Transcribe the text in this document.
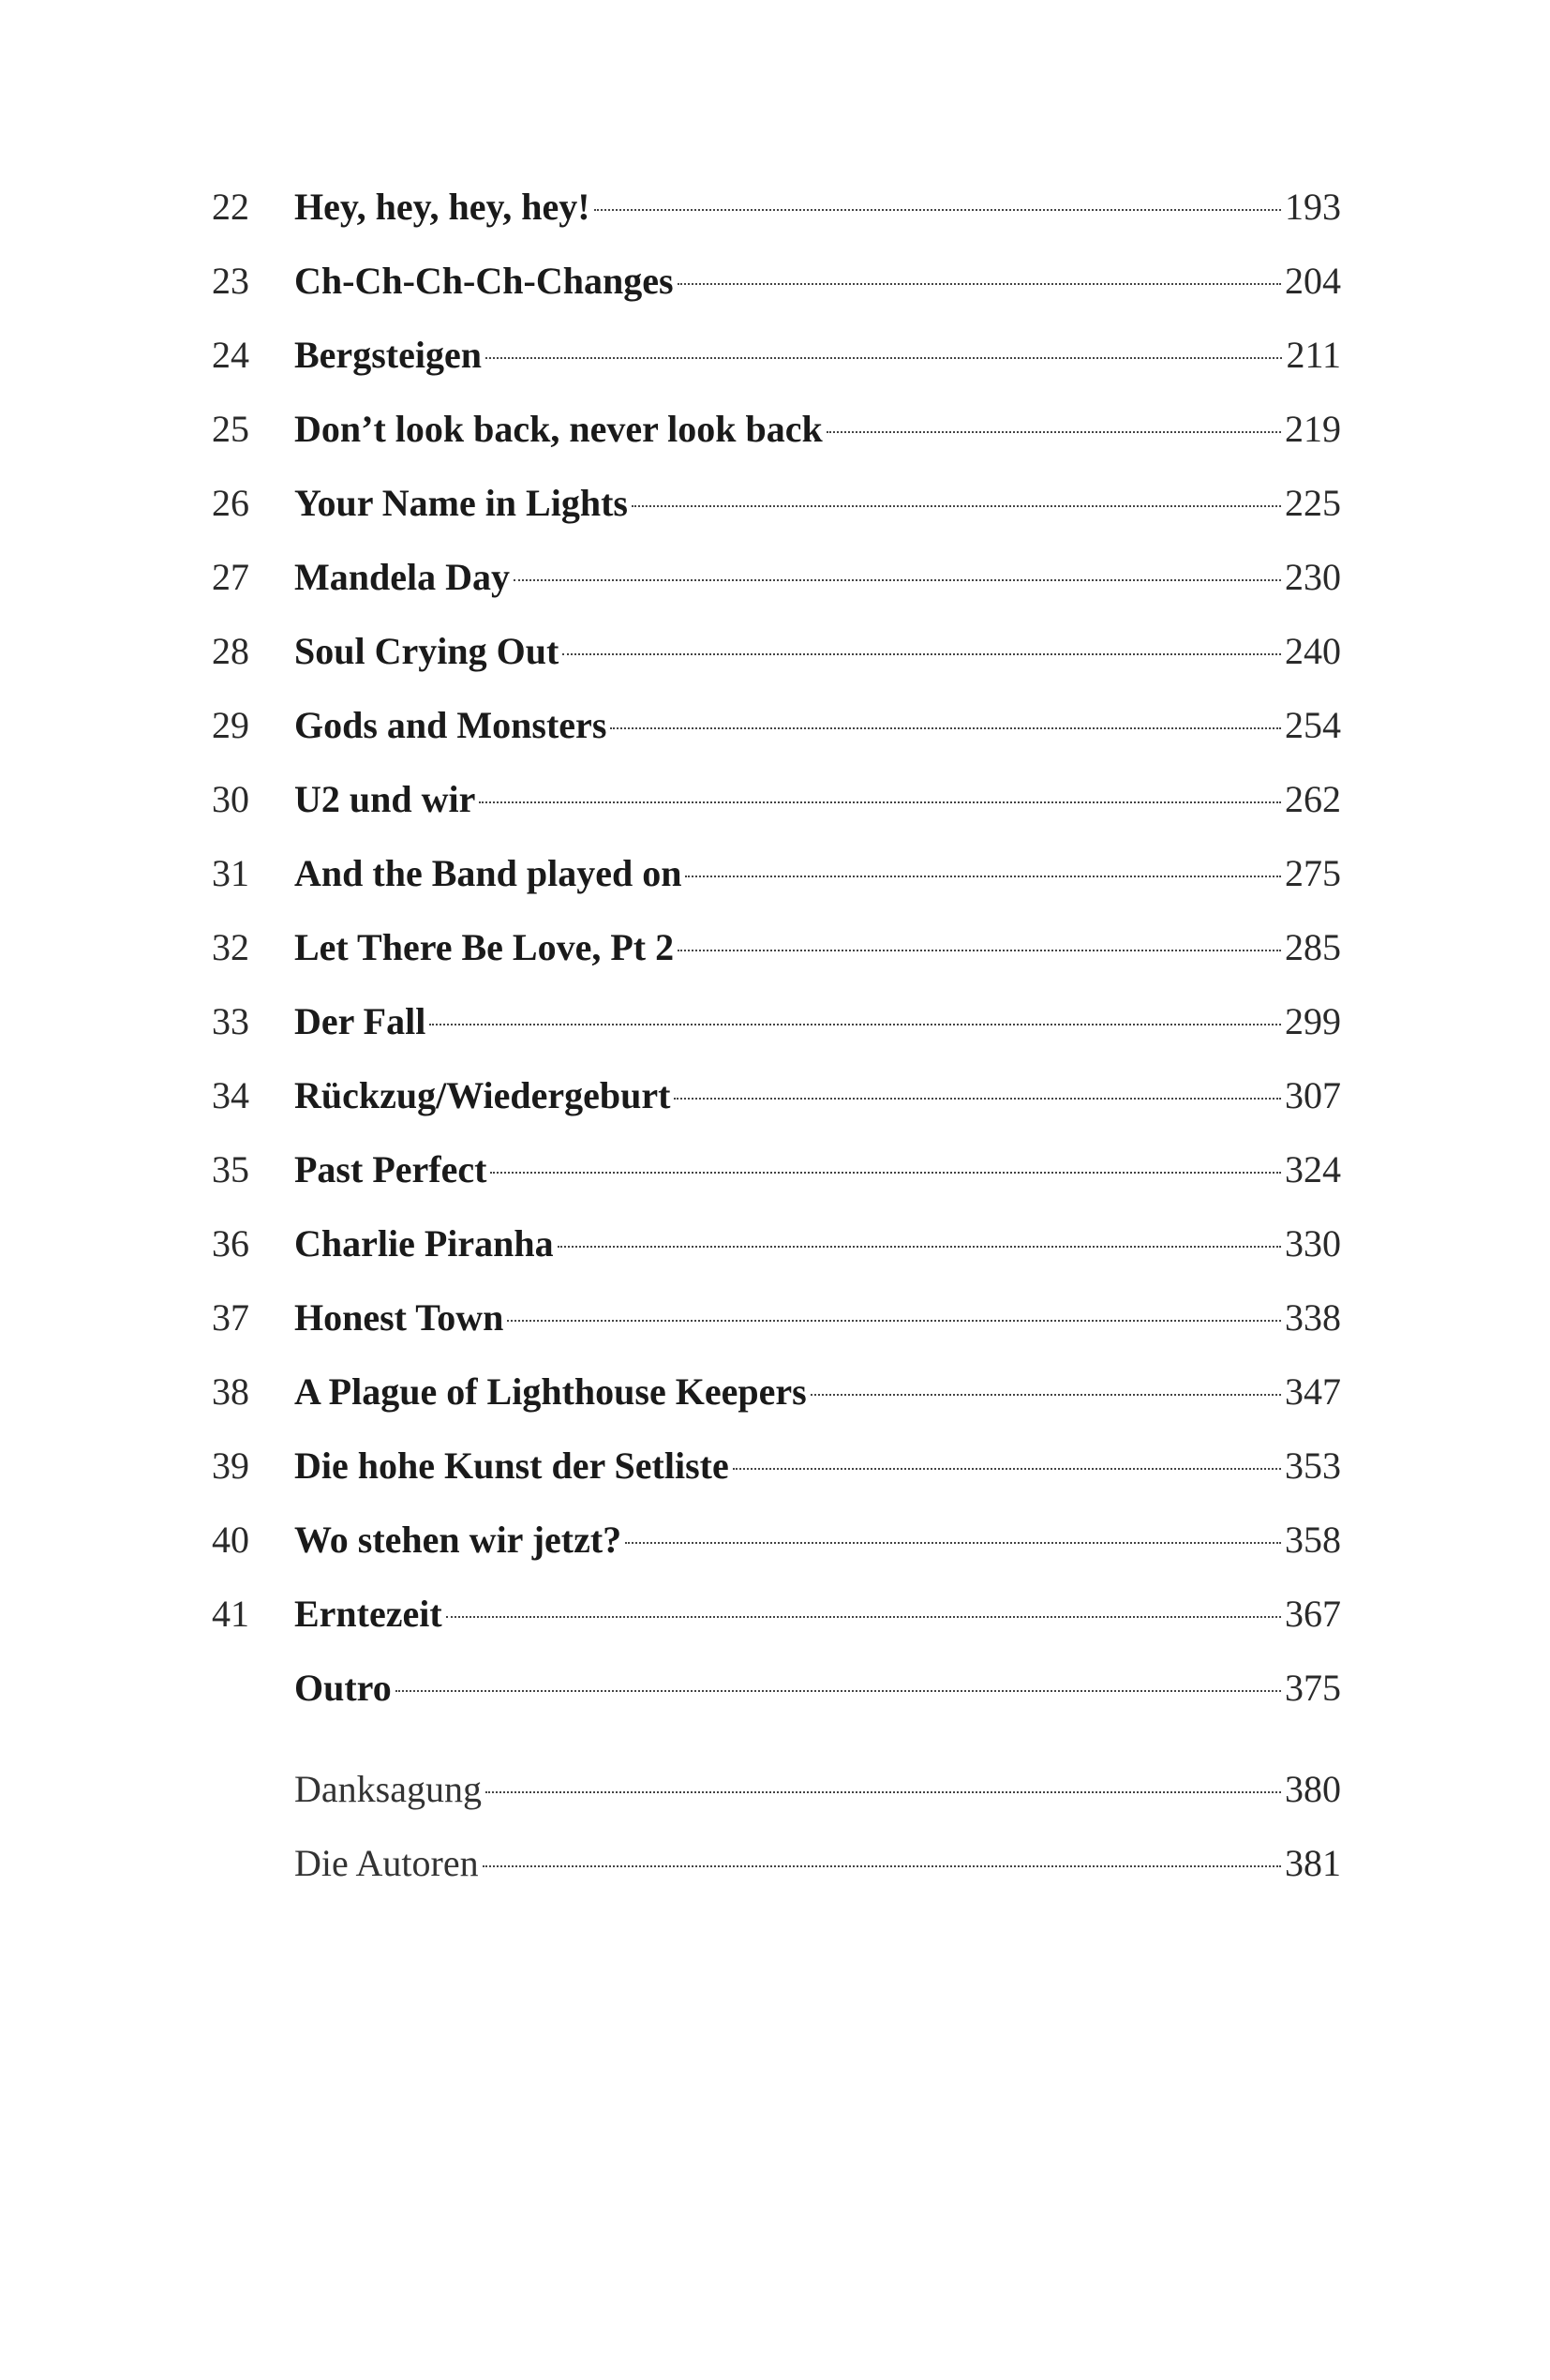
22	Hey, hey, hey, hey!	193
23	Ch-Ch-Ch-Ch-Changes	204
24	Bergsteigen	211
25	Don’t look back, never look back	219
26	Your Name in Lights	225
27	Mandela Day	230
28	Soul Crying Out	240
29	Gods and Monsters	254
30	U2 und wir	262
31	And the Band played on	275
32	Let There Be Love, Pt 2	285
33	Der Fall	299
34	Rückzug/Wiedergeburt	307
35	Past Perfect	324
36	Charlie Piranha	330
37	Honest Town	338
38	A Plague of Lighthouse Keepers	347
39	Die hohe Kunst der Setliste	353
40	Wo stehen wir jetzt?	358
41	Erntezeit	367
Outro	375
Danksagung	380
Die Autoren	381
